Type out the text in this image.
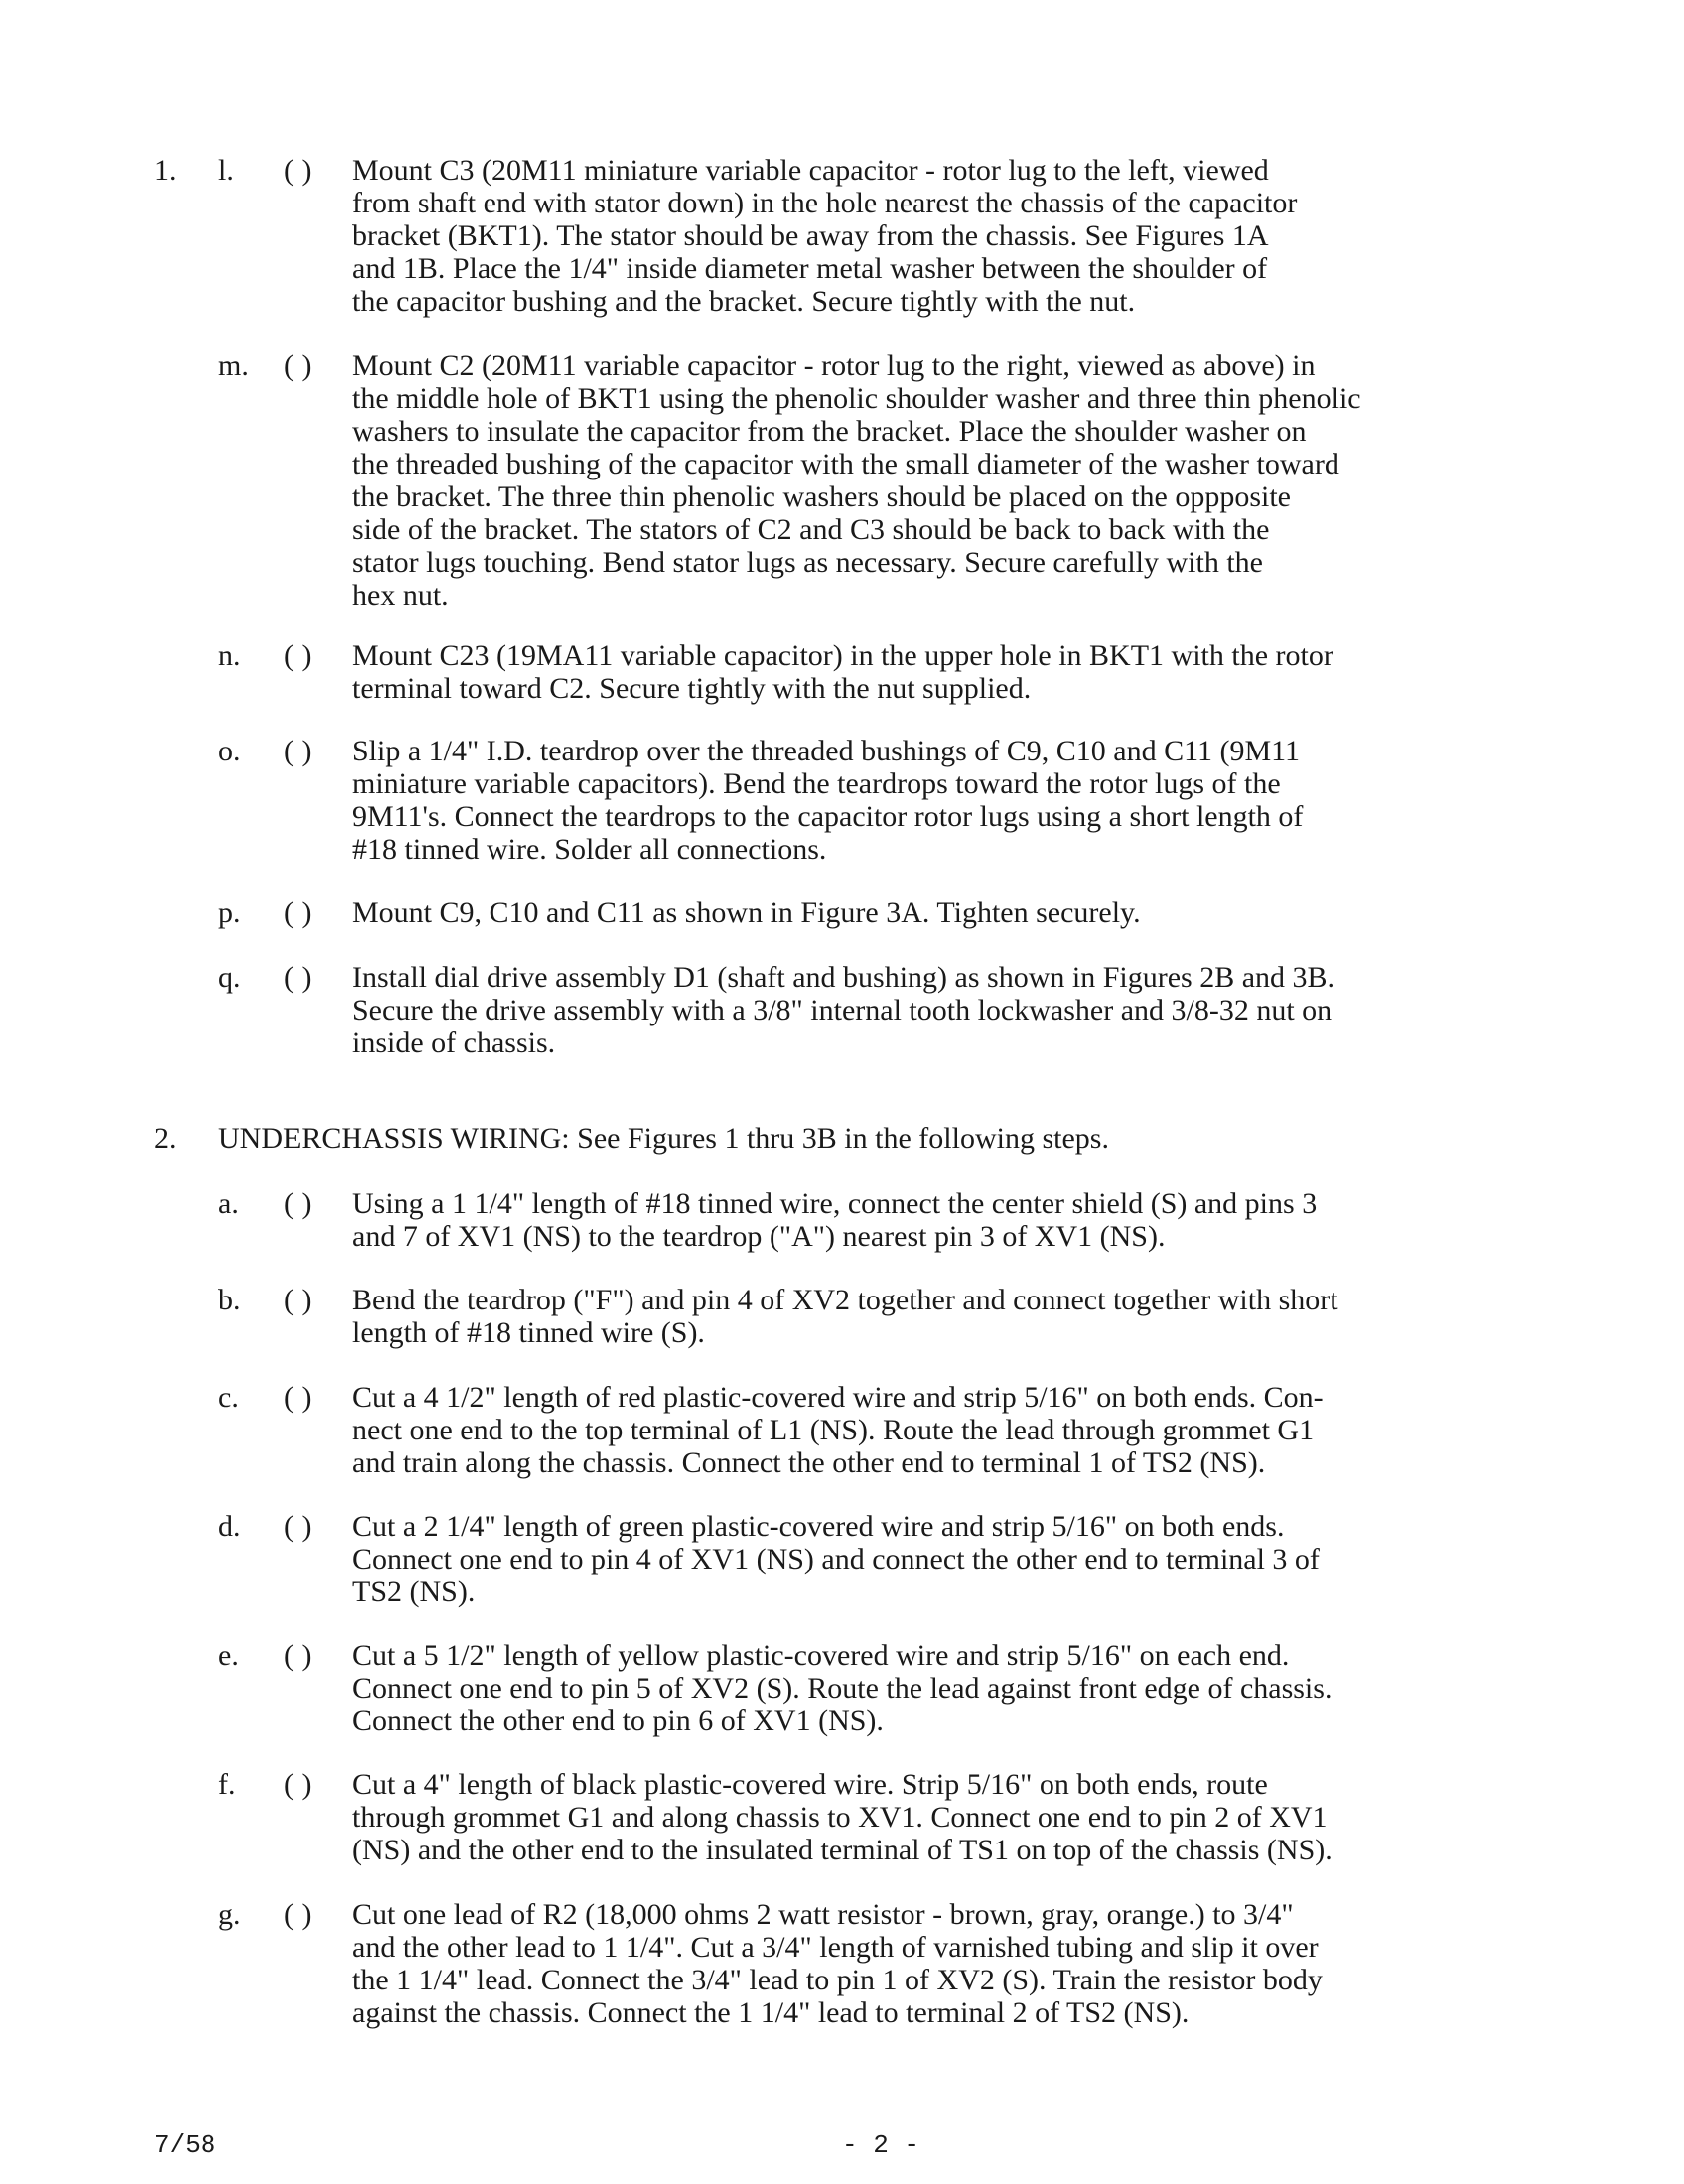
1. l. ( ) Mount C3 (20M11 miniature variable capacitor - rotor lug to the left, viewed
from shaft end with stator down) in the hole nearest the chassis of the capacitor
bracket (BKT1). The stator should be away from the chassis. See Figures 1A
and 1B. Place the 1/4" inside diameter metal washer between the shoulder of
the capacitor bushing and the bracket. Secure tightly with the nut.
m. ( ) Mount C2 (20M11 variable capacitor - rotor lug to the right, viewed as above) in
the middle hole of BKT1 using the phenolic shoulder washer and three thin phenolic
washers to insulate the capacitor from the bracket. Place the shoulder washer on
the threaded bushing of the capacitor with the small diameter of the washer toward
the bracket. The three thin phenolic washers should be placed on the oppposite
side of the bracket. The stators of C2 and C3 should be back to back with the
stator lugs touching. Bend stator lugs as necessary. Secure carefully with the
hex nut.
n. ( ) Mount C23 (19MA11 variable capacitor) in the upper hole in BKT1 with the rotor
terminal toward C2. Secure tightly with the nut supplied.
o. ( ) Slip a 1/4" I.D. teardrop over the threaded bushings of C9, C10 and C11 (9M11
miniature variable capacitors). Bend the teardrops toward the rotor lugs of the
9M11's. Connect the teardrops to the capacitor rotor lugs using a short length of
#18 tinned wire. Solder all connections.
p. ( ) Mount C9, C10 and C11 as shown in Figure 3A. Tighten securely.
q. ( ) Install dial drive assembly D1 (shaft and bushing) as shown in Figures 2B and 3B.
Secure the drive assembly with a 3/8" internal tooth lockwasher and 3/8-32 nut on
inside of chassis.
2. UNDERCHASSIS WIRING: See Figures 1 thru 3B in the following steps.
a. ( ) Using a 1 1/4" length of #18 tinned wire, connect the center shield (S) and pins 3
and 7 of XV1 (NS) to the teardrop ("A") nearest pin 3 of XV1 (NS).
b. ( ) Bend the teardrop ("F") and pin 4 of XV2 together and connect together with short
length of #18 tinned wire (S).
c. ( ) Cut a 4 1/2" length of red plastic-covered wire and strip 5/16" on both ends. Con-
nect one end to the top terminal of L1 (NS). Route the lead through grommet G1
and train along the chassis. Connect the other end to terminal 1 of TS2 (NS).
d. ( ) Cut a 2 1/4" length of green plastic-covered wire and strip 5/16" on both ends.
Connect one end to pin 4 of XV1 (NS) and connect the other end to terminal 3 of
TS2 (NS).
e. ( ) Cut a 5 1/2" length of yellow plastic-covered wire and strip 5/16" on each end.
Connect one end to pin 5 of XV2 (S). Route the lead against front edge of chassis.
Connect the other end to pin 6 of XV1 (NS).
f. ( ) Cut a 4" length of black plastic-covered wire. Strip 5/16" on both ends, route
through grommet G1 and along chassis to XV1. Connect one end to pin 2 of XV1
(NS) and the other end to the insulated terminal of TS1 on top of the chassis (NS).
g. ( ) Cut one lead of R2 (18,000 ohms 2 watt resistor - brown, gray, orange.) to 3/4"
and the other lead to 1 1/4". Cut a 3/4" length of varnished tubing and slip it over
the 1 1/4" lead. Connect the 3/4" lead to pin 1 of XV2 (S). Train the resistor body
against the chassis. Connect the 1 1/4" lead to terminal 2 of TS2 (NS).
7/58	- 2 -
